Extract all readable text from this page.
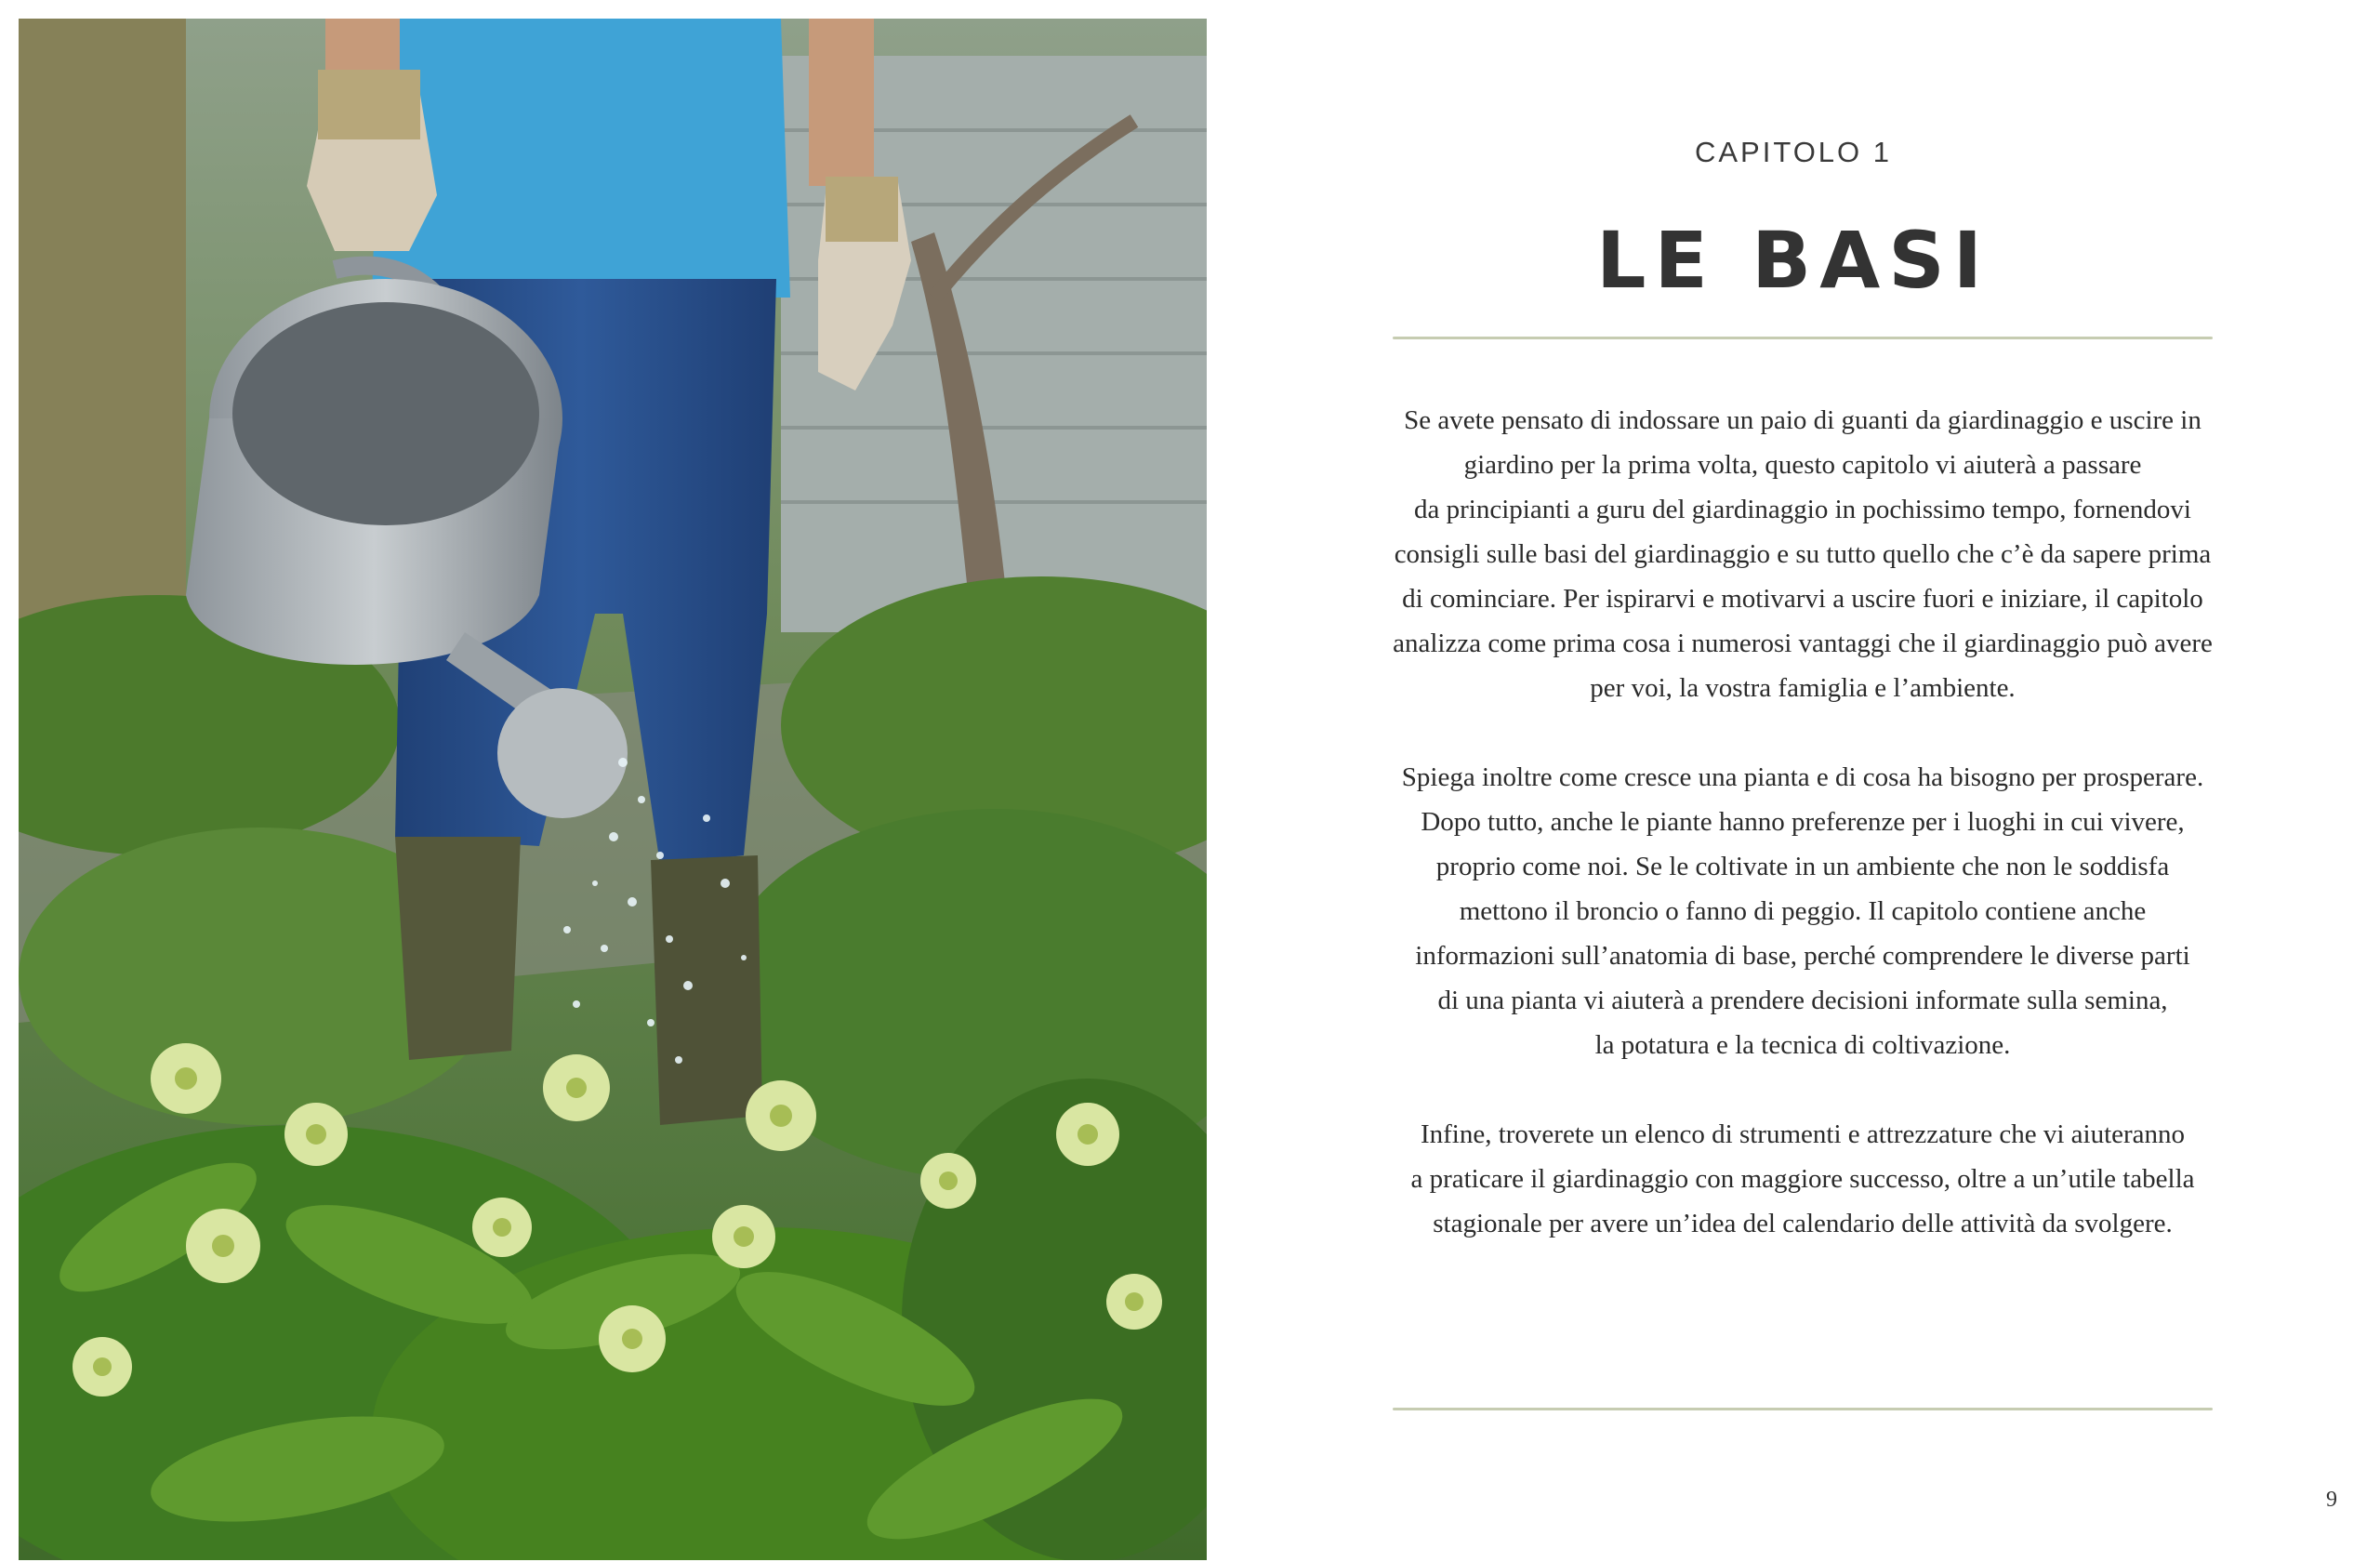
CAPITOLO 1
LE BASI
Se avete pensato di indossare un paio di guanti da giardinaggio e uscire in
giardino per la prima volta, questo capitolo vi aiuterà a passare
da principianti a guru del giardinaggio in pochissimo tempo, fornendovi
consigli sulle basi del giardinaggio e su tutto quello che c’è da sapere prima
di cominciare. Per ispirarvi e motivarvi a uscire fuori e iniziare, il capitolo
analizza come prima cosa i numerosi vantaggi che il giardinaggio può avere
per voi, la vostra famiglia e l’ambiente.
Spiega inoltre come cresce una pianta e di cosa ha bisogno per prosperare.
Dopo tutto, anche le piante hanno preferenze per i luoghi in cui vivere,
proprio come noi. Se le coltivate in un ambiente che non le soddisfa
mettono il broncio o fanno di peggio. Il capitolo contiene anche
informazioni sull’anatomia di base, perché comprendere le diverse parti
di una pianta vi aiuterà a prendere decisioni informate sulla semina,
la potatura e la tecnica di coltivazione.
Infine, troverete un elenco di strumenti e attrezzature che vi aiuteranno
a praticare il giardinaggio con maggiore successo, oltre a un’utile tabella
stagionale per avere un’idea del calendario delle attività da svolgere.
9
